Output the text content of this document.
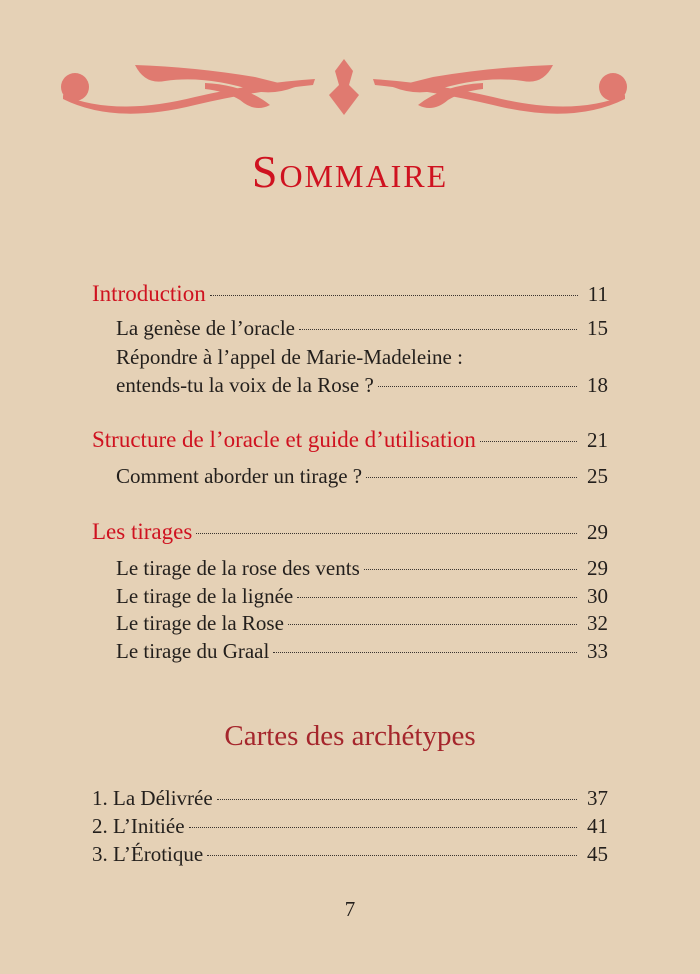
Sommaire
Introduction	11
La genèse de l’oracle	15
Répondre à l’appel de Marie-Madeleine :
entends-tu la voix de la Rose ?	18
Structure de l’oracle et guide d’utilisation	21
Comment aborder un tirage ?	25
Les tirages	29
Le tirage de la rose des vents	29
Le tirage de la lignée	30
Le tirage de la Rose	32
Le tirage du Graal	33
Cartes des archétypes
1. La Délivrée	37
2. L’Initiée	41
3. L’Érotique	45
7
